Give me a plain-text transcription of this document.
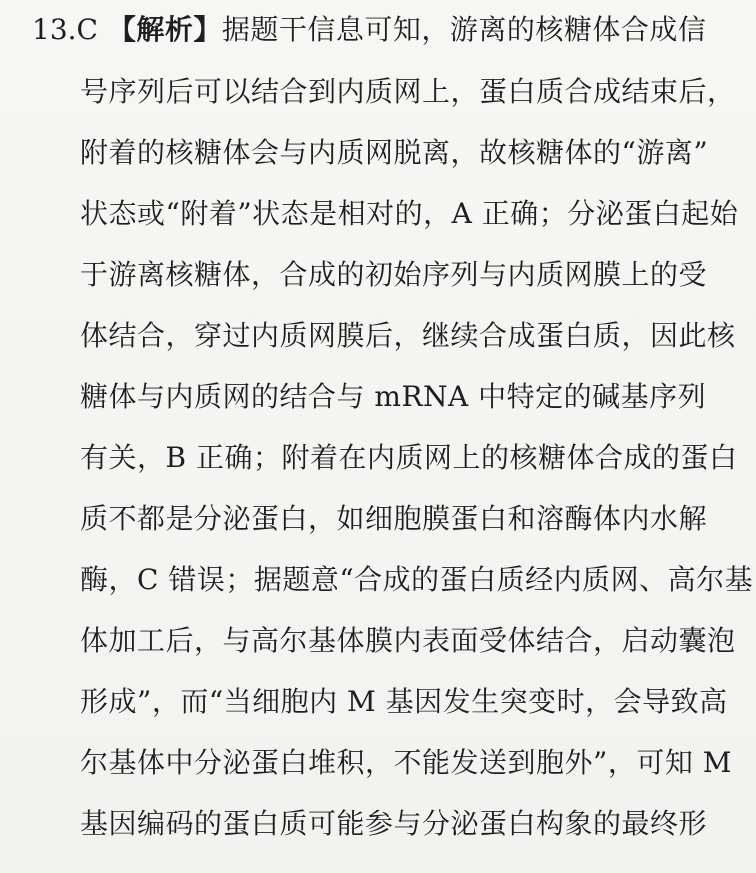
13.C 【解析】据题干信息可知，游离的核糖体合成信
号序列后可以结合到内质网上，蛋白质合成结束后，
附着的核糖体会与内质网脱离，故核糖体的“游离”
状态或“附着”状态是相对的，A 正确；分泌蛋白起始
于游离核糖体，合成的初始序列与内质网膜上的受
体结合，穿过内质网膜后，继续合成蛋白质，因此核
糖体与内质网的结合与 mRNA 中特定的碱基序列
有关，B 正确；附着在内质网上的核糖体合成的蛋白
质不都是分泌蛋白，如细胞膜蛋白和溶酶体内水解
酶，C 错误；据题意“合成的蛋白质经内质网、高尔基
体加工后，与高尔基体膜内表面受体结合，启动囊泡
形成”，而“当细胞内 M 基因发生突变时，会导致高
尔基体中分泌蛋白堆积，不能发送到胞外”，可知 M
基因编码的蛋白质可能参与分泌蛋白构象的最终形
